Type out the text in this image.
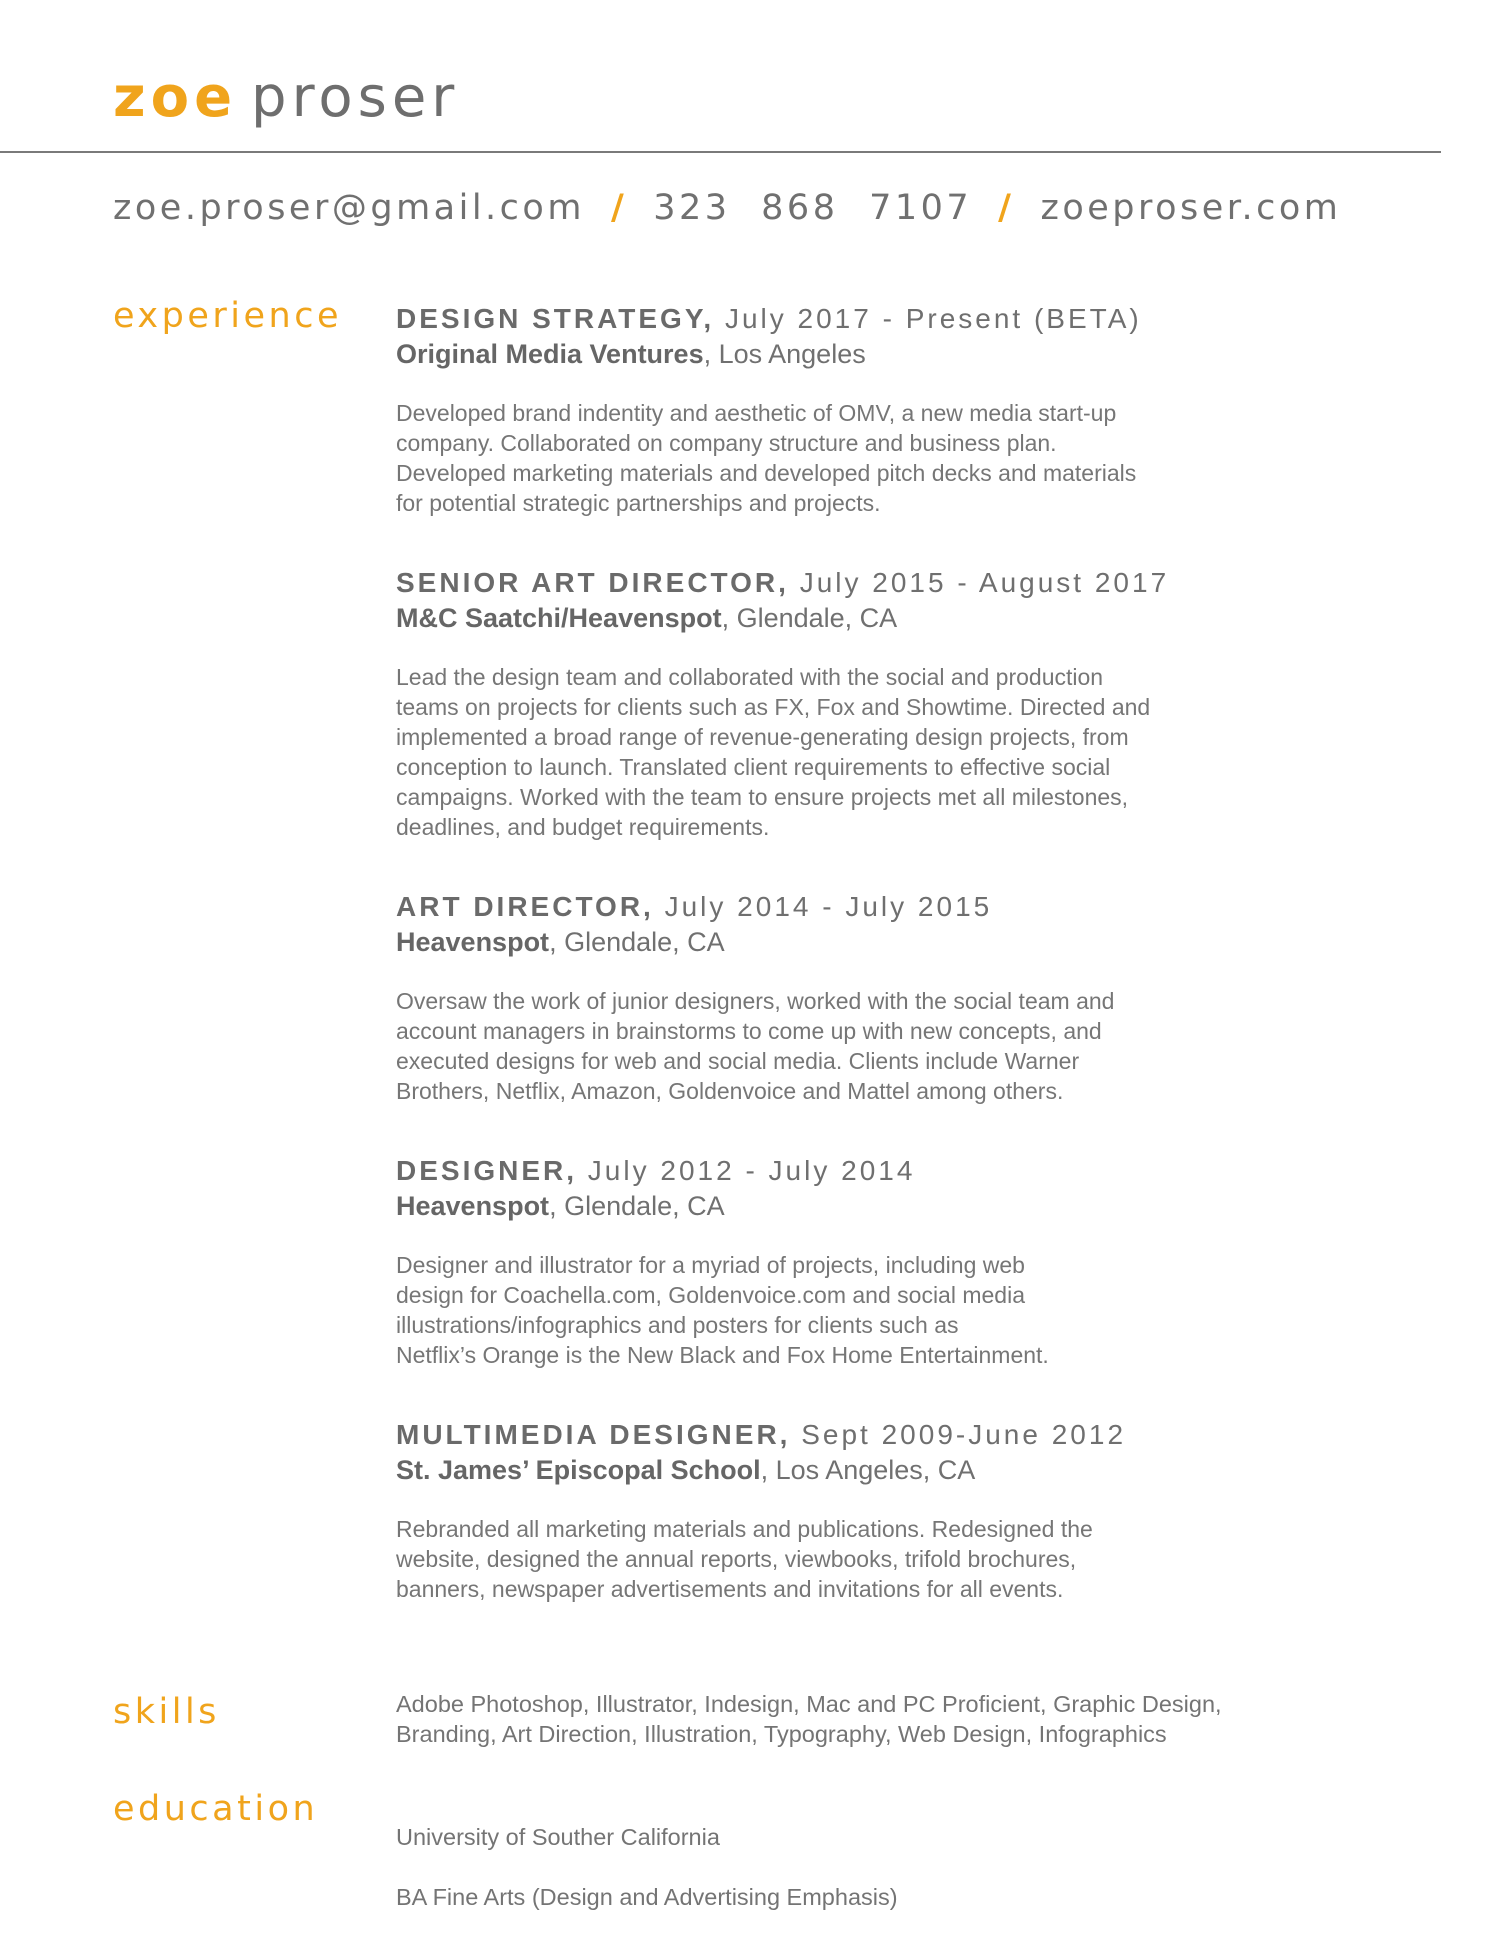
zoe proser
zoe.proser@gmail.com / 323 868 7107 / zoeproser.com
experience DESIGN STRATEGY, July 2017 - Present (BETA)
Original Media Ventures, Los Angeles
Developed brand indentity and aesthetic of OMV, a new media start-up
company. Collaborated on company structure and business plan.
Developed marketing materials and developed pitch decks and materials
for potential strategic partnerships and projects.
SENIOR ART DIRECTOR, July 2015 - August 2017
M&C Saatchi/Heavenspot, Glendale, CA
Lead the design team and collaborated with the social and production
teams on projects for clients such as FX, Fox and Showtime. Directed and
implemented a broad range of revenue-generating design projects, from
conception to launch. Translated client requirements to effective social
campaigns. Worked with the team to ensure projects met all milestones,
deadlines, and budget requirements.
ART DIRECTOR, July 2014 - July 2015
Heavenspot, Glendale, CA
Oversaw the work of junior designers, worked with the social team and
account managers in brainstorms to come up with new concepts, and
executed designs for web and social media. Clients include Warner
Brothers, Netflix, Amazon, Goldenvoice and Mattel among others.
DESIGNER, July 2012 - July 2014
Heavenspot, Glendale, CA
Designer and illustrator for a myriad of projects, including web
design for Coachella.com, Goldenvoice.com and social media
illustrations/infographics and posters for clients such as
Netflix’s Orange is the New Black and Fox Home Entertainment.
MULTIMEDIA DESIGNER, Sept 2009-June 2012
St. James’ Episcopal School, Los Angeles, CA
Rebranded all marketing materials and publications. Redesigned the
website, designed the annual reports, viewbooks, trifold brochures,
banners, newspaper advertisements and invitations for all events.
skills	Adobe Photoshop, Illustrator, Indesign, Mac and PC Proficient, Graphic Design,
Branding, Art Direction, Illustration, Typography, Web Design, Infographics
education

University of Souther California

BA Fine Arts (Design and Advertising Emphasis)
